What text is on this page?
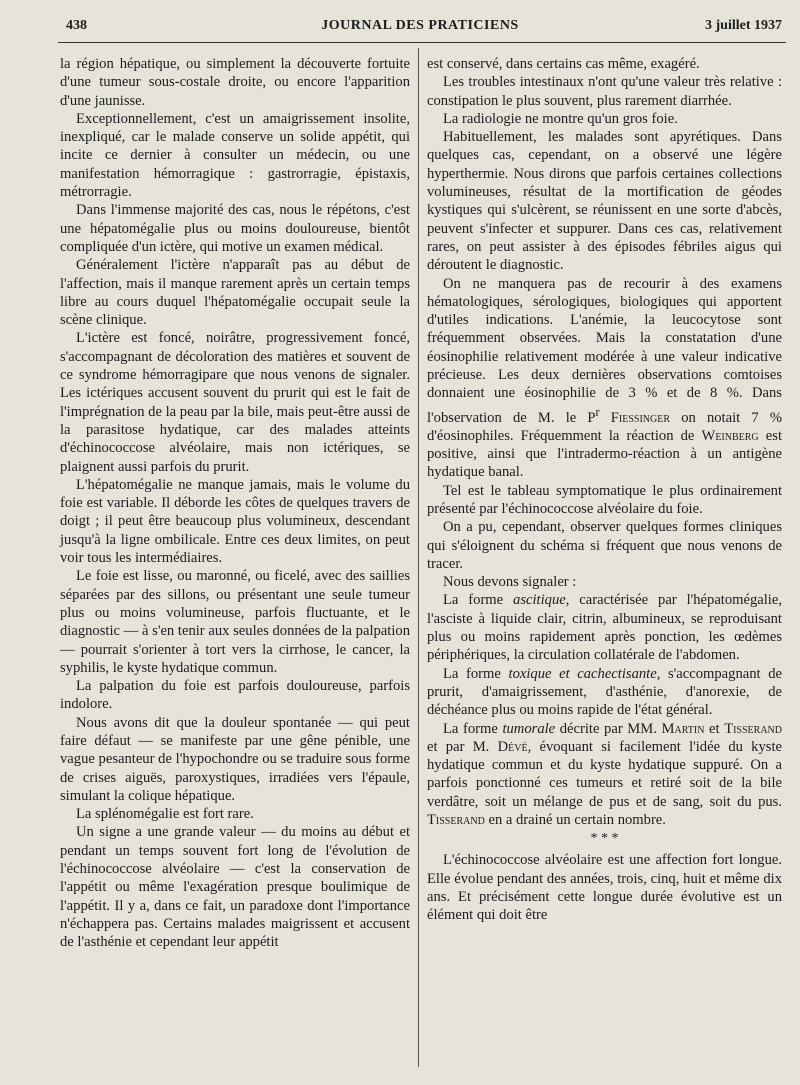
438	JOURNAL DES PRATICIENS	3 juillet 1937

la région hépatique, ou simplement la découverte fortuite d'une tumeur sous-costale droite, ou encore l'apparition d'une jaunisse.

Exceptionnellement, c'est un amaigrissement insolite, inexpliqué, car le malade conserve un solide appétit, qui incite ce dernier à consulter un médecin, ou une manifestation hémorragique : gastrorragie, épistaxis, métrorragie.

Dans l'immense majorité des cas, nous le répétons, c'est une hépatomégalie plus ou moins douloureuse, bientôt compliquée d'un ictère, qui motive un examen médical.

Généralement l'ictère n'apparaît pas au début de l'affection, mais il manque rarement après un certain temps libre au cours duquel l'hépatomégalie occupait seule la scène clinique.

L'ictère est foncé, noirâtre, progressivement foncé, s'accompagnant de décoloration des matières et souvent de ce syndrome hémorragipare que nous venons de signaler. Les ictériques accusent souvent du prurit qui est le fait de l'imprégnation de la peau par la bile, mais peut-être aussi de la parasitose hydatique, car des malades atteints d'échinococcose alvéolaire, mais non ictériques, se plaignent aussi parfois du prurit.

L'hépatomégalie ne manque jamais, mais le volume du foie est variable. Il déborde les côtes de quelques travers de doigt ; il peut être beaucoup plus volumineux, descendant jusqu'à la ligne ombilicale. Entre ces deux limites, on peut voir tous les intermédiaires.

Le foie est lisse, ou maronné, ou ficelé, avec des saillies séparées par des sillons, ou présentant une seule tumeur plus ou moins volumineuse, parfois fluctuante, et le diagnostic — à s'en tenir aux seules données de la palpation — pourrait s'orienter à tort vers la cirrhose, le cancer, la syphilis, le kyste hydatique commun.

La palpation du foie est parfois douloureuse, parfois indolore.

Nous avons dit que la douleur spontanée — qui peut faire défaut — se manifeste par une gêne pénible, une vague pesanteur de l'hypochondre ou se traduire sous forme de crises aiguës, paroxystiques, irradiées vers l'épaule, simulant la colique hépatique.

La splénomégalie est fort rare.

Un signe a une grande valeur — du moins au début et pendant un temps souvent fort long de l'évolution de l'échinococcose alvéolaire — c'est la conservation de l'appétit ou même l'exagération presque boulimique de l'appétit. Il y a, dans ce fait, un paradoxe dont l'importance n'échappera pas. Certains malades maigrissent et accusent de l'asthénie et cependant leur appétit

est conservé, dans certains cas même, exagéré.

Les troubles intestinaux n'ont qu'une valeur très relative : constipation le plus souvent, plus rarement diarrhée.

La radiologie ne montre qu'un gros foie.

Habituellement, les malades sont apyrétiques. Dans quelques cas, cependant, on a observé une légère hyperthermie. Nous dirons que parfois certaines collections volumineuses, résultat de la mortification de géodes kystiques qui s'ulcèrent, se réunissent en une sorte d'abcès, peuvent s'infecter et suppurer. Dans ces cas, relativement rares, on peut assister à des épisodes fébriles aigus qui déroutent le diagnostic.

On ne manquera pas de recourir à des examens hématologiques, sérologiques, biologiques qui apportent d'utiles indications. L'anémie, la leucocytose sont fréquemment observées. Mais la constatation d'une éosinophilie relativement modérée à une valeur indicative précieuse. Les deux dernières observations comtoises donnaient une éosinophilie de 3 % et de 8 %. Dans l'observation de M. le $P^r$ Fiessinger on notait 7 % d'éosinophiles. Fréquemment la réaction de Weinberg est positive, ainsi que l'intradermo-réaction à un antigène hydatique banal.

Tel est le tableau symptomatique le plus ordinairement présenté par l'échinococcose alvéolaire du foie.

On a pu, cependant, observer quelques formes cliniques qui s'éloignent du schéma si fréquent que nous venons de tracer.

Nous devons signaler :

La forme ascitique, caractérisée par l'hépatomégalie, l'asciste à liquide clair, citrin, albumineux, se reproduisant plus ou moins rapidement après ponction, les œdèmes périphériques, la circulation collatérale de l'abdomen.

La forme toxique et cachectisante, s'accompagnant de prurit, d'amaigrissement, d'asthénie, d'anorexie, de déchéance plus ou moins rapide de l'état général.

La forme tumorale décrite par MM. Martin et Tisserand et par M. Dévé, évoquant si facilement l'idée du kyste hydatique commun et du kyste hydatique suppuré. On a parfois ponctionné ces tumeurs et retiré soit de la bile verdâtre, soit un mélange de pus et de sang, soit du pus. Tisserand en a drainé un certain nombre.

* * *

L'échinococcose alvéolaire est une affection fort longue. Elle évolue pendant des années, trois, cinq, huit et même dix ans. Et précisément cette longue durée évolutive est un élément qui doit être
